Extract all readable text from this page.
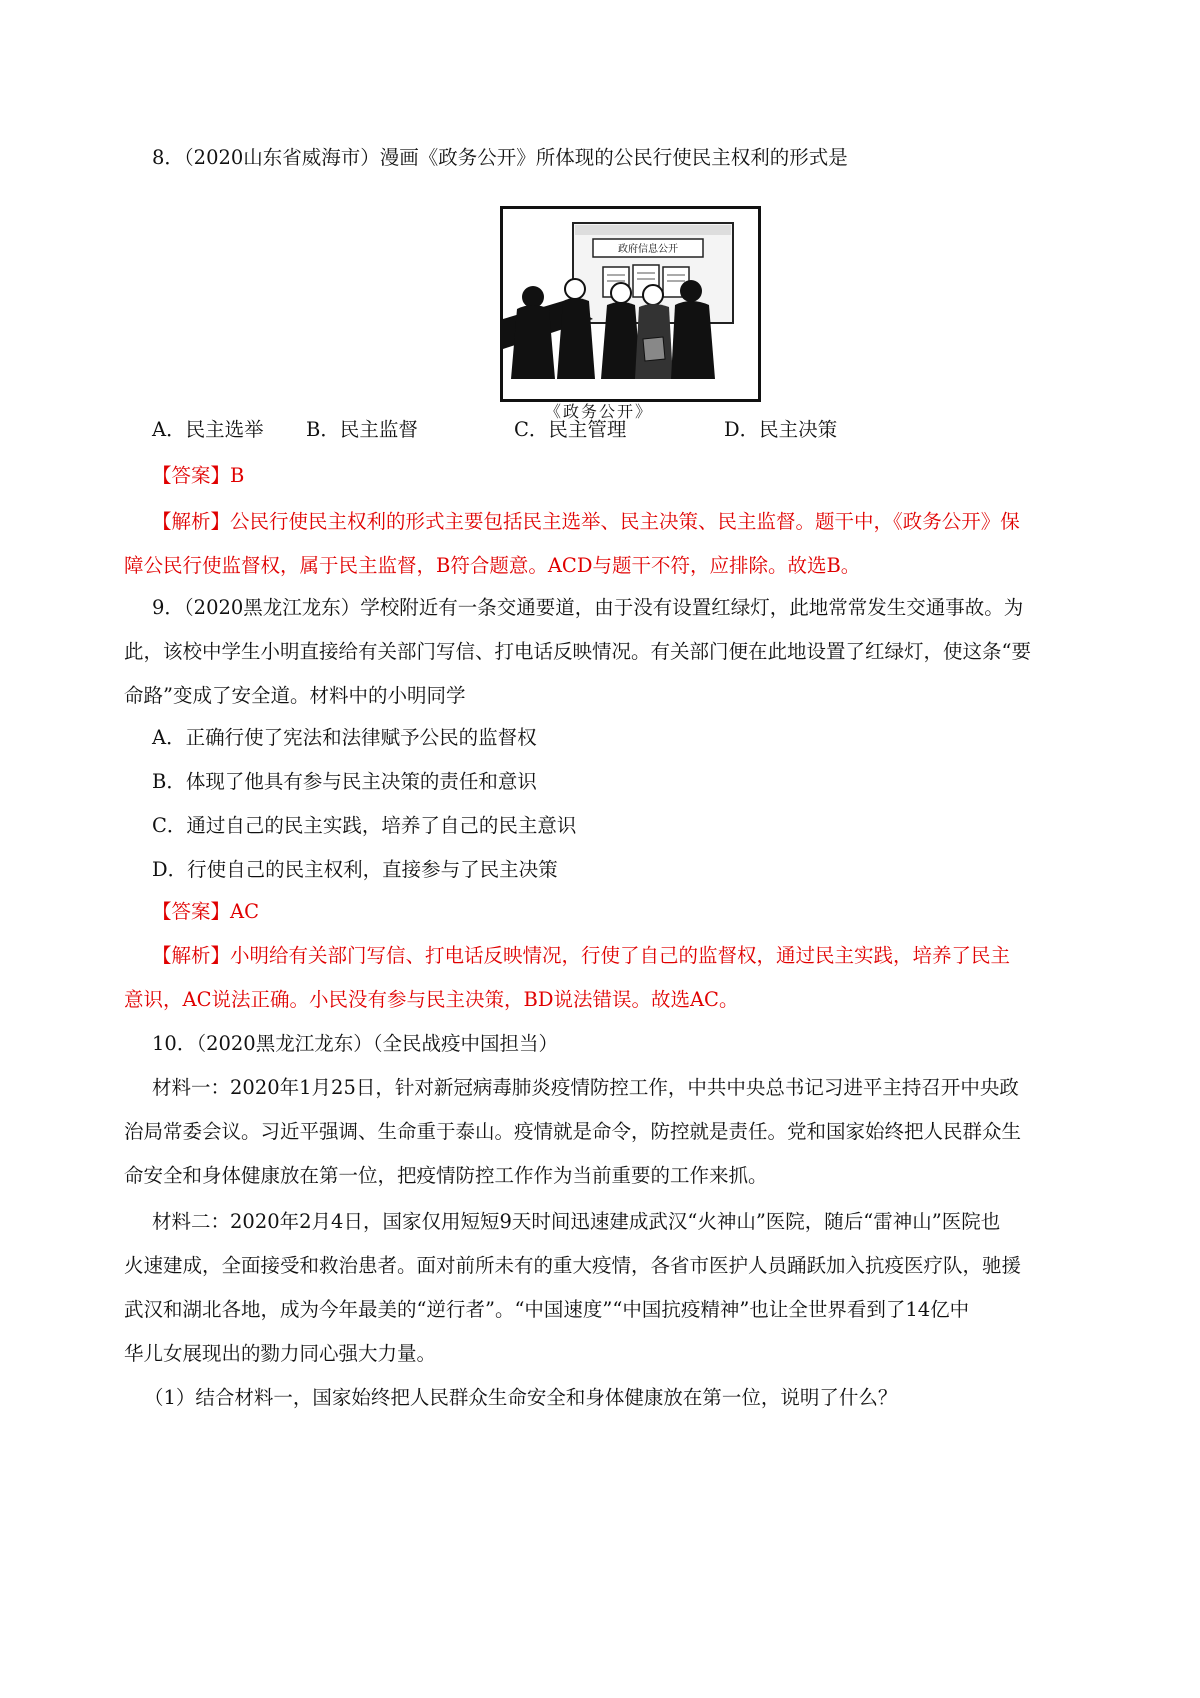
8．（2020山东省威海市）漫画《政务公开》所体现的公民行使民主权利的形式是
政府信息公开
《政务公开》
A．民主选举 B．民主监督	C．民主管理	D．民主决策
【答案】B
【解析】公民行使民主权利的形式主要包括民主选举、民主决策、民主监督。题干中，《政务公开》保
障公民行使监督权，属于民主监督，B符合题意。ACD与题干不符，应排除。故选B。
9．（2020黑龙江龙东）学校附近有一条交通要道，由于没有设置红绿灯，此地常常发生交通事故。为
此，该校中学生小明直接给有关部门写信、打电话反映情况。有关部门便在此地设置了红绿灯，使这条“要
命路”变成了安全道。材料中的小明同学
A．正确行使了宪法和法律赋予公民的监督权
B．体现了他具有参与民主决策的责任和意识
C．通过自己的民主实践，培养了自己的民主意识
D．行使自己的民主权利，直接参与了民主决策
【答案】AC
【解析】小明给有关部门写信、打电话反映情况，行使了自己的监督权，通过民主实践，培养了民主
意识，AC说法正确。小民没有参与民主决策，BD说法错误。故选AC。
10．（2020黑龙江龙东）（全民战疫中国担当）
材料一：2020年1月25日，针对新冠病毒肺炎疫情防控工作，中共中央总书记习进平主持召开中央政
治局常委会议。习近平强调、生命重于泰山。疫情就是命令，防控就是责任。党和国家始终把人民群众生
命安全和身体健康放在第一位，把疫情防控工作作为当前重要的工作来抓。
材料二：2020年2月4日，国家仅用短短9天时间迅速建成武汉“火神山”医院，随后“雷神山”医院也
火速建成，全面接受和救治患者。面对前所未有的重大疫情，各省市医护人员踊跃加入抗疫医疗队，驰援
武汉和湖北各地，成为今年最美的“逆行者”。“中国速度”“中国抗疫精神”也让全世界看到了14亿中
华儿女展现出的勠力同心强大力量。
（1）结合材料一，国家始终把人民群众生命安全和身体健康放在第一位，说明了什么？
